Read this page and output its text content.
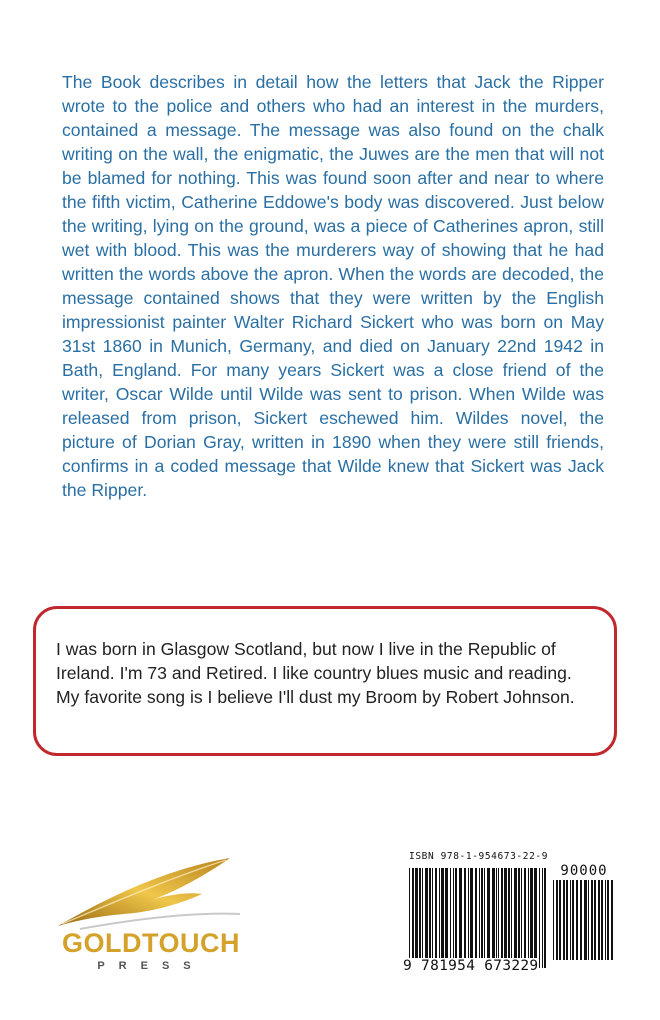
The Book describes in detail how the letters that Jack the Ripper wrote to the police and others who had an interest in the murders, contained a message. The message was also found on the chalk writing on the wall, the enigmatic, the Juwes are the men that will not be blamed for nothing. This was found soon after and near to where the fifth victim, Catherine Eddowe's body was discovered. Just below the writing, lying on the ground, was a piece of Catherines apron, still wet with blood. This was the murderers way of showing that he had written the words above the apron. When the words are decoded, the message contained shows that they were written by the English impressionist painter Walter Richard Sickert who was born on May 31st 1860 in Munich, Germany, and died on January 22nd 1942 in Bath, England. For many years Sickert was a close friend of the writer, Oscar Wilde until Wilde was sent to prison. When Wilde was released from prison, Sickert eschewed him. Wildes novel, the picture of Dorian Gray, written in 1890 when they were still friends, confirms in a coded message that Wilde knew that Sickert was Jack the Ripper.

I was born in Glasgow Scotland, but now I live in the Republic of Ireland. I'm 73 and Retired. I like country blues music and reading. My favorite song is I believe I'll dust my Broom by Robert Johnson.

GOLDTOUCH
PRESS
ISBN 978-1-954673-22-9
90000
9 781954 673229
